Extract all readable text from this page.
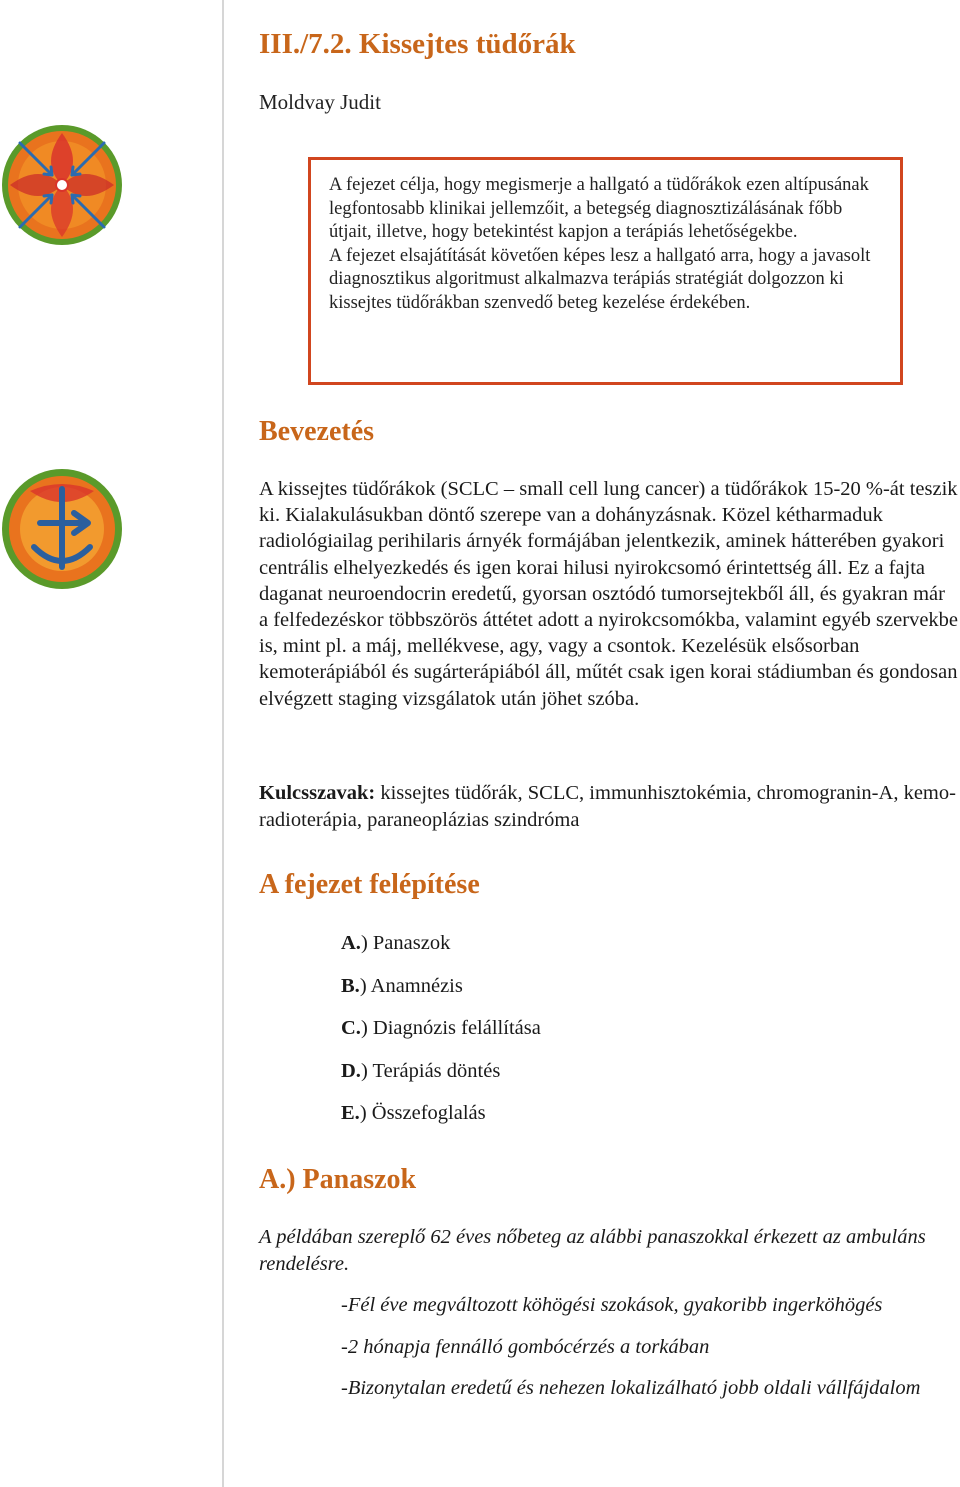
III./7.2. Kissejtes tüdőrák
Moldvay Judit

A fejezet célja, hogy megismerje a hallgató a tüdőrákok ezen altípusának legfontosabb klinikai jellemzőit, a betegség diagnosztizálásának főbb útjait, illetve, hogy betekintést kapjon a terápiás lehetőségekbe.

A fejezet elsajátítását követően képes lesz a hallgató arra, hogy a javasolt diagnosztikus algoritmust alkalmazva terápiás stratégiát dolgozzon ki kissejtes tüdőrákban szenvedő beteg kezelése érdekében.

Bevezetés

A kissejtes tüdőrákok (SCLC – small cell lung cancer) a tüdőrákok 15-20 %-át teszik ki. Kialakulásukban döntő szerepe van a dohányzásnak. Közel kétharmaduk radiológiailag perihilaris árnyék formájában jelentkezik, aminek hátterében gyakori centrális elhelyezkedés és igen korai hilusi nyirokcsomó érintettség áll. Ez a fajta daganat neuroendocrin eredetű, gyorsan osztódó tumorsejtekből áll, és gyakran már a felfedezéskor többszörös áttétet adott a nyirokcsomókba, valamint egyéb szervekbe is, mint pl. a máj, mellékvese, agy, vagy a csontok. Kezelésük elsősorban kemoterápiából és sugárterápiából áll, műtét csak igen korai stádiumban és gondosan elvégzett staging vizsgálatok után jöhet szóba.

Kulcsszavak: kissejtes tüdőrák, SCLC, immunhisztokémia, chromogranin-A, kemo-radioterápia, paraneoplázias szindróma

A fejezet felépítése
A.) Panaszok
B.) Anamnézis
C.) Diagnózis felállítása
D.) Terápiás döntés
E.) Összefoglalás
A.) Panaszok

A példában szereplő 62 éves nőbeteg az alábbi panaszokkal érkezett az ambuláns rendelésre.

-Fél éve megváltozott köhögési szokások, gyakoribb ingerköhögés
-2 hónapja fennálló gombócérzés a torkában
-Bizonytalan eredetű és nehezen lokalizálható jobb oldali vállfájdalom
